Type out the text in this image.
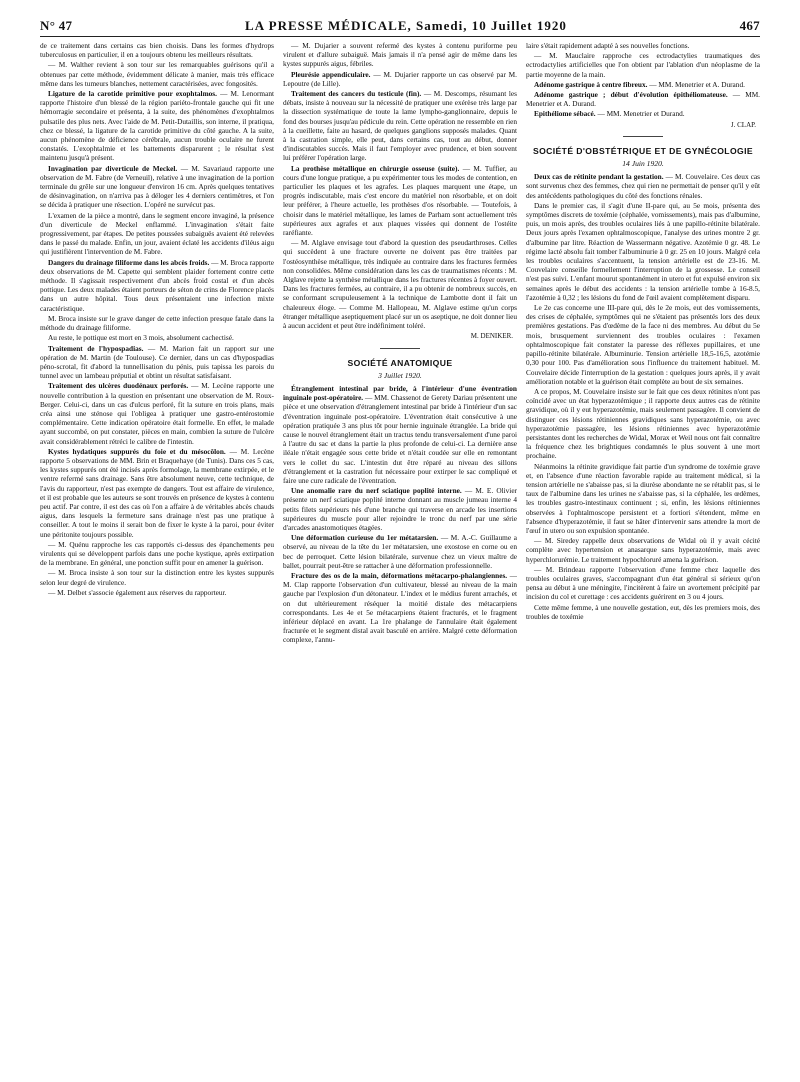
N° 47	LA PRESSE MÉDICALE, Samedi, 10 Juillet 1920	467

de ce traitement dans certains cas bien choisis. Dans les formes d'hydrops tuberculosus en particulier, il en a toujours obtenu les meilleurs résultats.

— M. Walther revient à son tour sur les remarquables guérisons qu'il a obtenues par cette méthode, évidemment délicate à manier, mais très efficace même dans les tumeurs blanches, nettement caractérisées, avec fongosités.

Ligature de la carotide primitive pour exophtalmos. — M. Lenormant rapporte l'histoire d'un blessé de la région pariéto-frontale gauche qui fit une hémorragie secondaire et présenta, à la suite, des phénomènes d'exophtalmos pulsatile des plus nets. Avec l'aide de M. Petit-Dutaillis, son interne, il pratiqua, chez ce blessé, la ligature de la carotide primitive du côté gauche. A la suite, aucun phénomène de déficience cérébrale, aucun trouble oculaire ne furent constatés. L'exophtalmie et les battements disparurent ; le résultat s'est maintenu jusqu'à présent.

Invagination par diverticule de Meckel. — M. Savariaud rapporte une observation de M. Fabre (de Verneuil), relative à une invagination de la portion terminale du grêle sur une longueur d'environ 16 cm. Après quelques tentatives de désinvagination, on n'arriva pas à déloger les 4 derniers centimètres, et l'on se décida à pratiquer une résection. L'opéré ne survécut pas.

L'examen de la pièce a montré, dans le segment encore invaginé, la présence d'un diverticule de Meckel enflammé. L'invagination s'était faite progressivement, par étapes. De petites poussées subaiguës avaient été relevées dans le passé du malade. Enfin, un jour, avaient éclaté les accidents d'iléus aigu qui justifièrent l'intervention de M. Fabre.

Dangers du drainage filiforme dans les abcès froids. — M. Broca rapporte deux observations de M. Capette qui semblent plaider fortement contre cette méthode. Il s'agissait respectivement d'un abcès froid costal et d'un abcès pottique. Les deux malades étaient porteurs de séton de crins de Florence placés dans un autre hôpital. Tous deux présentaient une infection mixte caractéristique.

M. Broca insiste sur le grave danger de cette infection presque fatale dans la méthode du drainage filiforme.

Au reste, le pottique est mort en 3 mois, absolument cachectisé.

Traitement de l'hypospadias. — M. Marion fait un rapport sur une opération de M. Martin (de Toulouse). Ce dernier, dans un cas d'hypospadias péno-scrotal, fit d'abord la tunnellisation du pénis, puis tapissa les parois du tunnel avec un lambeau préputial et obtint un résultat satisfaisant.

Traitement des ulcères duodénaux perforés. — M. Lecène rapporte une nouvelle contribution à la question en présentant une observation de M. Roux-Berger. Celui-ci, dans un cas d'ulcus perforé, fit la suture en trois plans, mais créa ainsi une sténose qui l'obligea à pratiquer une gastro-entérostomie complémentaire. Cette indication opératoire était formelle. En effet, le malade ayant succombé, on put constater, pièces en main, combien la suture de l'ulcère avait considérablement rétréci le calibre de l'intestin.

Kystes hydatiques suppurés du foie et du mésocôlon. — M. Lecène rapporte 5 observations de MM. Brin et Braquehaye (de Tunis). Dans ces 5 cas, les kystes suppurés ont été incisés après formolage, la membrane extirpée, et le ventre refermé sans drainage. Sans être absolument neuve, cette technique, de l'avis du rapporteur, n'est pas exempte de dangers. Tout est affaire de virulence, et il est probable que les auteurs se sont trouvés en présence de kystes à contenu peu actif. Par contre, il est des cas où l'on a affaire à de véritables abcès chauds aigus, dans lesquels la fermeture sans drainage n'est pas une pratique à conseiller. A tout le moins il serait bon de fixer le kyste à la paroi, pour éviter une péritonite toujours possible.

— M. Quénu rapproche les cas rapportés ci-dessus des épanchements peu virulents qui se développent parfois dans une poche kystique, après extirpation de la membrane. En général, une ponction suffit pour en amener la guérison.

— M. Broca insiste à son tour sur la distinction entre les kystes suppurés selon leur degré de virulence.

— M. Delbet s'associe également aux réserves du rapporteur.

— M. Dujarier a souvent refermé des kystes à contenu puriforme peu virulent et d'allure subaiguë. Mais jamais il n'a pensé agir de même dans les kystes suppurés aigus, fébriles.

Pleurésie appendiculaire. — M. Dujarier rapporte un cas observé par M. Lepoutre (de Lille).

Traitement des cancers du testicule (fin). — M. Descomps, résumant les débats, insiste à nouveau sur la nécessité de pratiquer une exérèse très large par la dissection systématique de toute la lame lympho-ganglionnaire, depuis le fond des bourses jusqu'au pédicule du rein. Cette opération ne ressemble en rien à la cueillette, faite au hasard, de quelques ganglions supposés malades. Quant à la castration simple, elle peut, dans certains cas, tout au début, donner d'indiscutables succès. Mais il faut l'employer avec prudence, et bien souvent lui préférer l'opération large.

La prothèse métallique en chirurgie osseuse (suite). — M. Tuffier, au cours d'une longue pratique, a pu expérimenter tous les modes de contention, en particulier les plaques et les agrafes. Les plaques marquent une étape, un progrès indiscutable, mais c'est encore du matériel non résorbable, et on doit leur préférer, à l'heure actuelle, les prothèses d'os résorbable. — Toutefois, à choisir dans le matériel métallique, les lames de Parham sont actuellement très supérieures aux agrafes et aux plaques vissées qui donnent de l'ostéite raréfiante.

— M. Alglave envisage tout d'abord la question des pseudarthroses. Celles qui succèdent à une fracture ouverte ne doivent pas être traitées par l'ostéosynthèse métallique, très indiquée au contraire dans les fractures fermées non consolidées. Même considération dans les cas de traumatismes récents : M. Alglave rejette la synthèse métallique dans les fractures récentes à foyer ouvert. Dans les fractures fermées, au contraire, il a pu obtenir de nombreux succès, en se conformant scrupuleusement à la technique de Lambotte dont il fait un chaleureux éloge. — Comme M. Hallopeau, M. Alglave estime qu'un corps étranger métallique aseptiquement placé sur un os aseptique, ne doit donner lieu à aucun accident et peut être indéfiniment toléré.

M. DENIKER.
SOCIÉTÉ ANATOMIQUE
3 Juillet 1920.

Étranglement intestinal par bride, à l'intérieur d'une éventration inguinale post-opératoire. — MM. Chassenot de Gerety Dariau présentent une pièce et une observation d'étranglement intestinal par bride à l'intérieur d'un sac d'éventration inguinale post-opératoire. L'éventration était consécutive à une opération pratiquée 3 ans plus tôt pour hernie inguinale étranglée. La bride qui cause le nouvel étranglement était un tractus tendu transversalement d'une paroi à l'autre du sac et dans la partie la plus profonde de celui-ci. La dernière anse iléale n'était engagée sous cette bride et n'était coudée sur elle en remontant vers le collet du sac. L'intestin dut être réparé au niveau des sillons d'étranglement et la castration fut nécessaire pour extirper le sac compliqué et faire une cure radicale de l'éventration.

Une anomalie rare du nerf sciatique poplité interne. — M. E. Olivier présente un nerf sciatique poplité interne donnant au muscle jumeau interne 4 petits filets supérieurs nés d'une branche qui traverse en arcade les insertions supérieures du muscle pour aller rejoindre le tronc du nerf par une série d'arcades anastomotiques étagées.

Une déformation curieuse du 1er métatarsien. — M. A.-C. Guillaume a observé, au niveau de la tête du 1er métatarsien, une exostose en corne ou en bec de perroquet. Cette lésion bilatérale, survenue chez un vieux maître de ballet, pourrait peut-être se rattacher à une déformation professionnelle.

Fracture des os de la main, déformations métacarpo-phalangiennes. — M. Clap rapporte l'observation d'un cultivateur, blessé au niveau de la main gauche par l'explosion d'un détonateur. L'index et le médius furent arrachés, et on dut ultérieurement réséquer la moitié distale des métacarpiens correspondants. Les 4e et 5e métacarpiens étaient fracturés, et le fragment inférieur déplacé en avant. La 1re phalange de l'annulaire était également fracturée et le segment distal avait basculé en arrière. Malgré cette déformation complexe, l'annu-

laire s'était rapidement adapté à ses nouvelles fonctions.

— M. Mauclaire rapproche ces ectrodactylies traumatiques des ectrodactylies artificielles que l'on obtient par l'ablation d'un néoplasme de la partie moyenne de la main.

Adénome gastrique à centre fibreux. — MM. Menetrier et A. Durand.

Adénome gastrique ; début d'évolution épithéliomateuse. — MM. Menetrier et A. Durand.

Epithéliome sébacé. — MM. Menetrier et Durand.

J. CLAP.
SOCIÉTÉ D'OBSTÉTRIQUE ET DE GYNÉCOLOGIE
14 Juin 1920.

Deux cas de rétinite pendant la gestation. — M. Couvelaire. Ces deux cas sont survenus chez des femmes, chez qui rien ne permettait de penser qu'il y eût des antécédents pathologiques du côté des fonctions rénales.

Dans le premier cas, il s'agit d'une II-pare qui, au 5e mois, présenta des symptômes discrets de toxémie (céphalée, vomissements), mais pas d'albumine, puis, un mois après, des troubles oculaires liés à une papillo-rétinite bilatérale. Deux jours après l'examen ophtalmoscopique, l'analyse des urines montre 2 gr. d'albumine par litre. Réaction de Wassermann négative. Azotémie 0 gr. 48. Le régime lacté absolu fait tomber l'albuminurie à 0 gr. 25 en 10 jours. Malgré cela les troubles oculaires s'accentuent, la tension artérielle est de 23-16. M. Couvelaire conseille formellement l'interruption de la grossesse. Le conseil n'est pas suivi. L'enfant mourut spontanément in utero et fut expulsé environ six semaines après le début des accidents : la tension artérielle tombe à 16-8.5, l'azotémie à 0,32 ; les lésions du fond de l'œil avaient complètement disparu.

Le 2e cas concerne une III-pare qui, dès le 2e mois, eut des vomissements, des crises de céphalée, symptômes qui ne s'étaient pas présentés lors des deux premières gestations. Pas d'œdème de la face ni des membres. Au début du 5e mois, brusquement surviennent des troubles oculaires : l'examen ophtalmoscopique fait constater la paresse des réflexes pupillaires, et une papillo-rétinite bilatérale. Albuminurie. Tension artérielle 18,5-16,5, azotémie 0,30 pour 100. Pas d'amélioration sous l'influence du traitement habituel. M. Couvelaire décide l'interruption de la gestation : quelques jours après, il y avait amélioration notable et la guérison était complète au bout de six semaines.

A ce propos, M. Couvelaire insiste sur le fait que ces deux rétinites n'ont pas coïncidé avec un état hyperazotémique ; il rapporte deux autres cas de rétinite gravidique, où il y eut hyperazotémie, mais seulement passagère. Il convient de distinguer ces lésions rétiniennes gravidiques sans hyperazotémie, ou avec hyperazotémie passagère, les lésions rétiniennes avec hyperazotémie persistantes dont les recherches de Widal, Morax et Weil nous ont fait connaître la fréquence chez les brightiques condamnés le plus souvent à une mort prochaine.

Néanmoins la rétinite gravidique fait partie d'un syndrome de toxémie grave et, en l'absence d'une réaction favorable rapide au traitement médical, si la tension artérielle ne s'abaisse pas, si la diurèse abondante ne se rétablit pas, si le taux de l'albumine dans les urines ne s'abaisse pas, si la céphalée, les œdèmes, les troubles gastro-intestinaux continuent ; si, enfin, les lésions rétiniennes observées à l'ophtalmoscope persistent et a fortiori s'étendent, même en l'absence d'hyperazotémie, il faut se hâter d'intervenir sans attendre la mort de l'œuf in utero ou son expulsion spontanée.

— M. Siredey rappelle deux observations de Widal où il y avait cécité complète avec hypertension et anasarque sans hyperazotémie, mais avec hyperchlorurémie. Le traitement hypochloruré amena la guérison.

— M. Brindeau rapporte l'observation d'une femme chez laquelle des troubles oculaires graves, s'accompagnant d'un état général si sérieux qu'on pensa au début à une méningite, l'incitèrent à faire un avortement précipité par incision du col et curettage : ces accidents guérirent en 3 ou 4 jours.

Cette même femme, à une nouvelle gestation, eut, dès les premiers mois, des troubles de toxémie
